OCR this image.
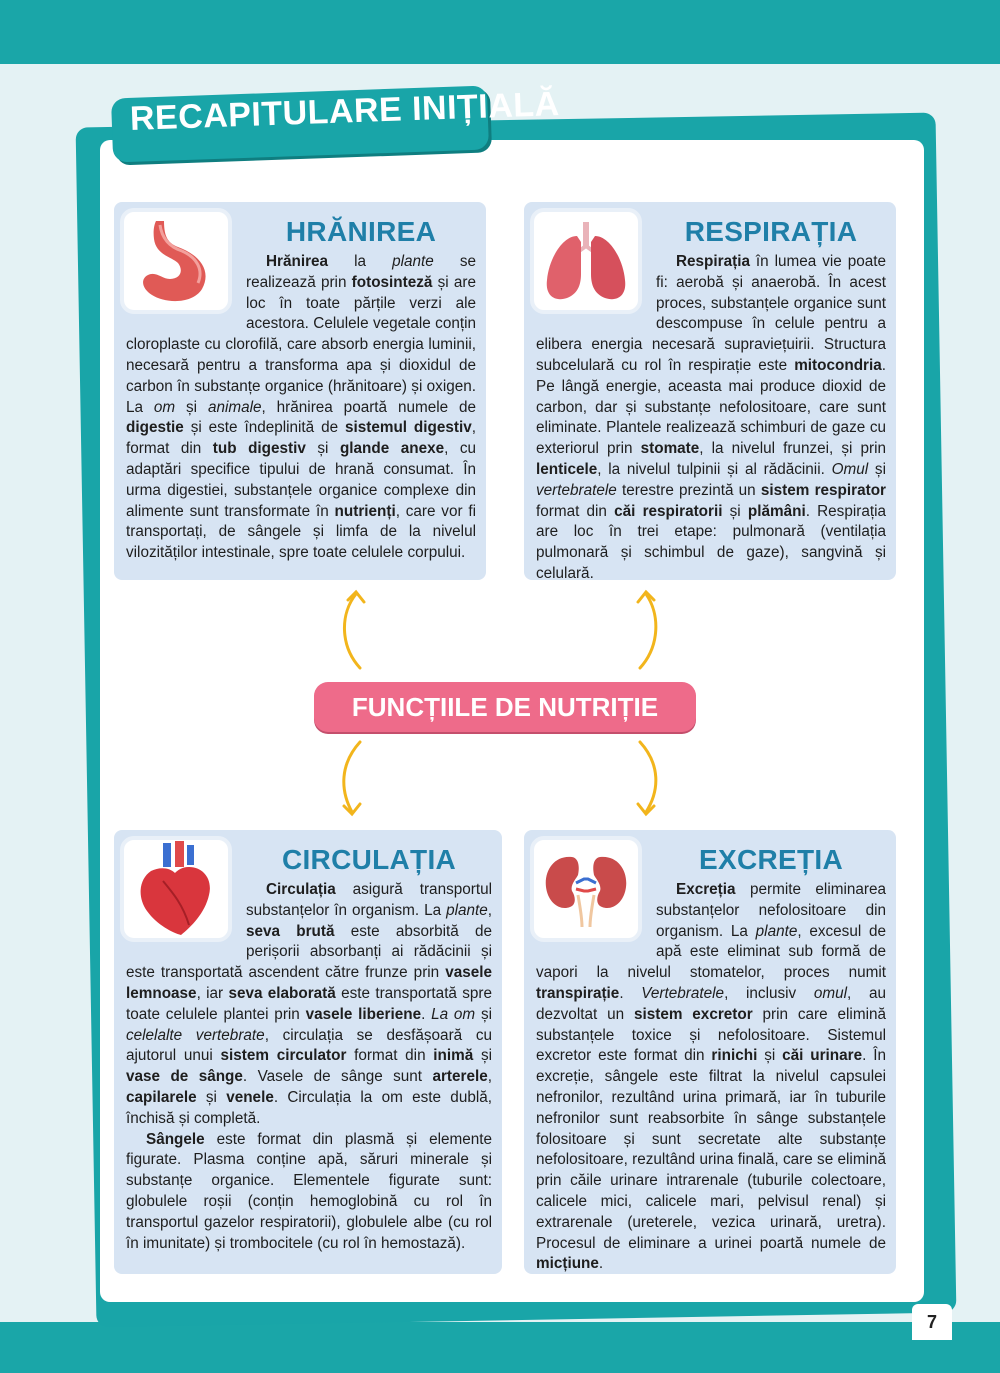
RECAPITULARE INIȚIALĂ
HRĂNIREA

Hrănirea la plante se realizează prin fotosinteză și are loc în toate părțile verzi ale acestora. Celulele vegetale conțin cloroplaste cu clorofilă, care absorb energia luminii, necesară pentru a transforma apa și dioxidul de carbon în substanțe organice (hrănitoare) și oxigen. La om și animale, hrănirea poartă numele de digestie și este îndeplinită de sistemul digestiv, format din tub digestiv și glande anexe, cu adaptări specifice tipului de hrană consumat. În urma digestiei, substanțele organice complexe din alimente sunt transformate în nutrienți, care vor fi transportați, de sângele și limfa de la nivelul vilozităților intestinale, spre toate celulele corpului.

RESPIRAȚIA

Respirația în lumea vie poate fi: aerobă și anaerobă. În acest proces, substanțele organice sunt descompuse în celule pentru a elibera energia necesară supraviețuirii. Structura subcelulară cu rol în respirație este mitocondria. Pe lângă energie, aceasta mai produce dioxid de carbon, dar și substanțe nefolositoare, care sunt eliminate. Plantele realizează schimburi de gaze cu exteriorul prin stomate, la nivelul frunzei, și prin lenticele, la nivelul tulpinii și al rădăcinii. Omul și vertebratele terestre prezintă un sistem respirator format din căi respiratorii și plămâni. Respirația are loc în trei etape: pulmonară (ventilația pulmonară și schimbul de gaze), sangvină și celulară.

FUNCȚIILE DE NUTRIȚIE
CIRCULAȚIA

Circulația asigură transportul substanțelor în organism. La plante, seva brută este absorbită de perișorii absorbanți ai rădăcinii și este transportată ascendent către frunze prin vasele lemnoase, iar seva elaborată este transportată spre toate celulele plantei prin vasele liberiene. La om și celelalte vertebrate, circulația se desfășoară cu ajutorul unui sistem circulator format din inimă și vase de sânge. Vasele de sânge sunt arterele, capilarele și venele. Circulația la om este dublă, închisă și completă.

Sângele este format din plasmă și elemente figurate. Plasma conține apă, săruri minerale și substanțe organice. Elementele figurate sunt: globulele roșii (conțin hemoglobină cu rol în transportul gazelor respiratorii), globulele albe (cu rol în imunitate) și trombocitele (cu rol în hemostază).

EXCREȚIA

Excreția permite eliminarea substanțelor nefolositoare din organism. La plante, excesul de apă este eliminat sub formă de vapori la nivelul stomatelor, proces numit transpirație. Vertebratele, inclusiv omul, au dezvoltat un sistem excretor prin care elimină substanțele toxice și nefolositoare. Sistemul excretor este format din rinichi și căi urinare. În excreție, sângele este filtrat la nivelul capsulei nefronilor, rezultând urina primară, iar în tuburile nefronilor sunt reabsorbite în sânge substanțele folositoare și sunt secretate alte substanțe nefolositoare, rezultând urina finală, care se elimină prin căile urinare intrarenale (tuburile colectoare, calicele mici, calicele mari, pelvisul renal) și extrarenale (ureterele, vezica urinară, uretra). Procesul de eliminare a urinei poartă numele de micțiune.

7
